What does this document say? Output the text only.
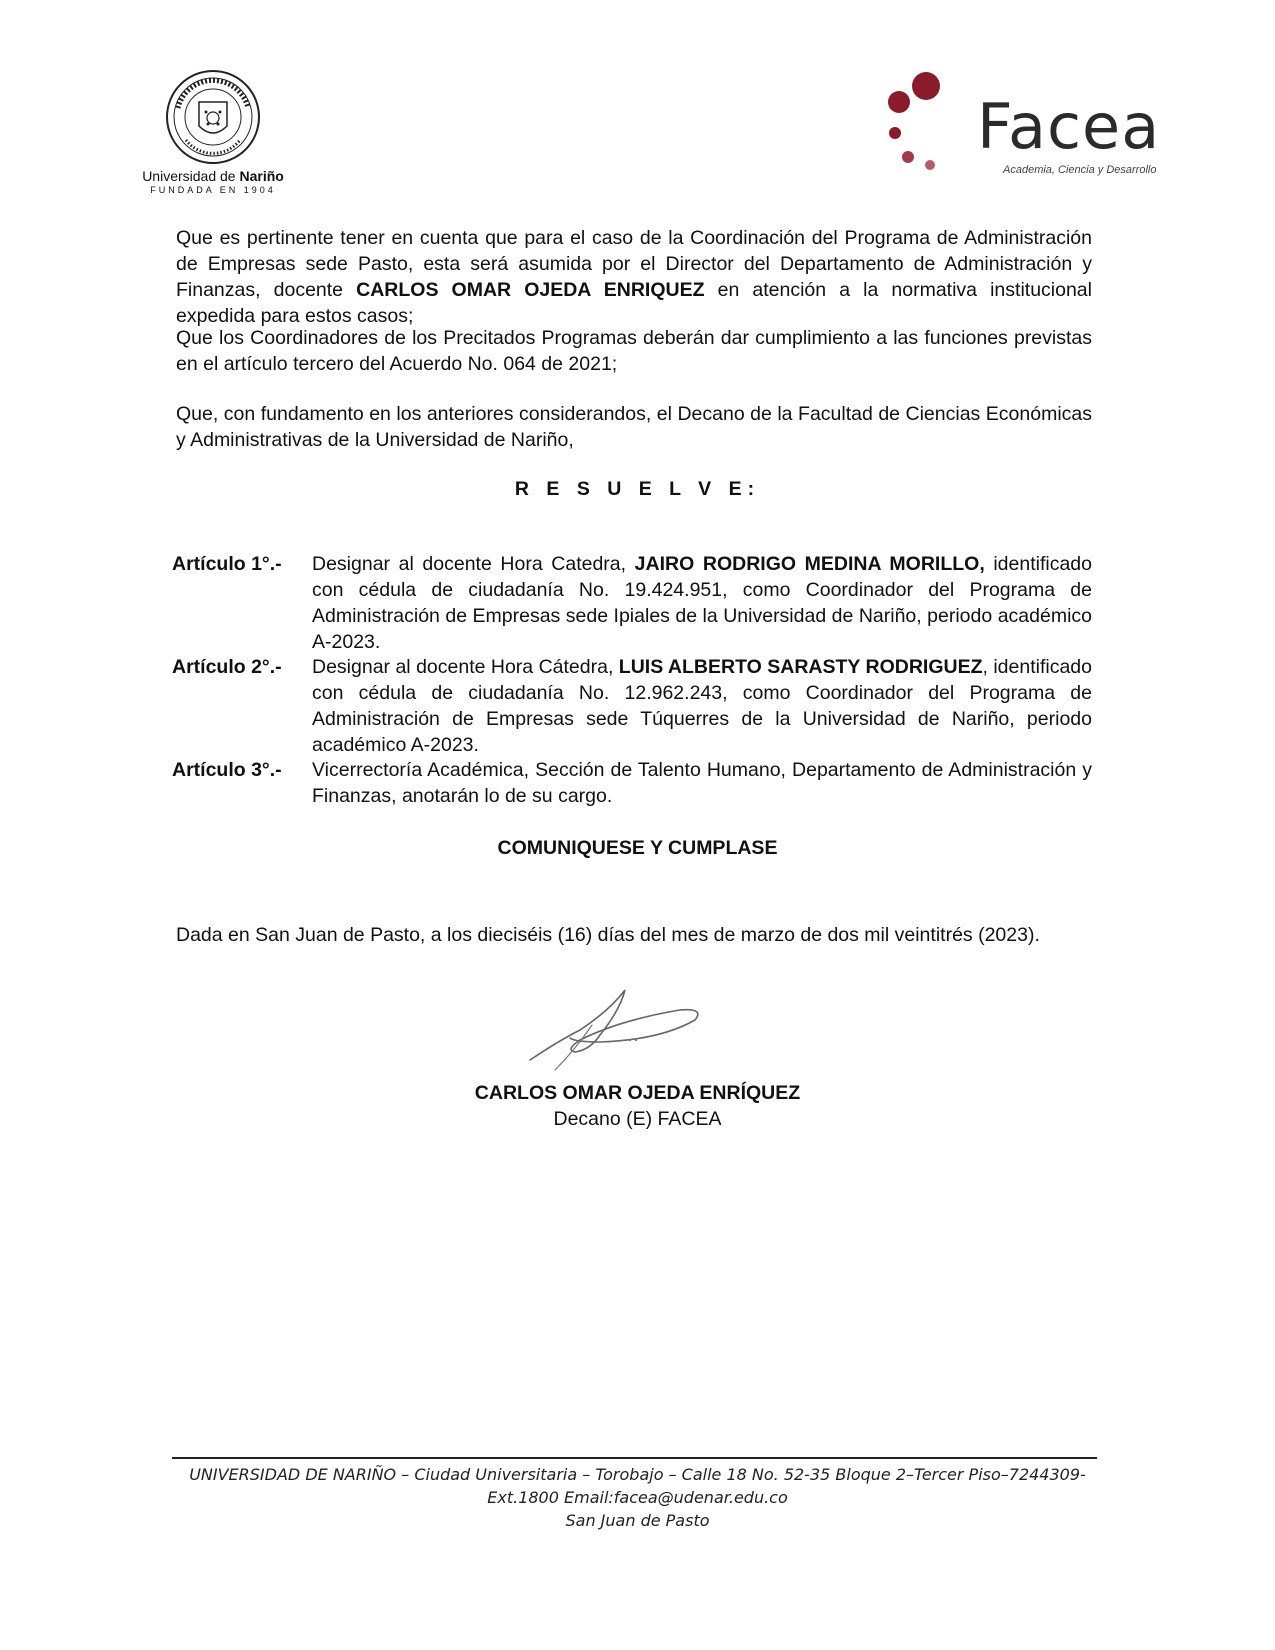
Universidad de Nariño
FUNDADA EN 1904
Facea
Academia, Ciencia y Desarrollo

Que es pertinente tener en cuenta que para el caso de la Coordinación del Programa de Administración de Empresas sede Pasto, esta será asumida por el Director del Departamento de Administración y Finanzas, docente CARLOS OMAR OJEDA ENRIQUEZ en atención a la normativa institucional expedida para estos casos;

Que los Coordinadores de los Precitados Programas deberán dar cumplimiento a las funciones previstas en el artículo tercero del Acuerdo No. 064 de 2021;

Que, con fundamento en los anteriores considerandos, el Decano de la Facultad de Ciencias Económicas y Administrativas de la Universidad de Nariño,

R E S U E L V E:
Artículo 1°.-	Designar al docente Hora Catedra, JAIRO RODRIGO MEDINA MORILLO, identificado con cédula de ciudadanía No. 19.424.951, como Coordinador del Programa de Administración de Empresas sede Ipiales de la Universidad de Nariño, periodo académico A-2023.
Artículo 2°.-	Designar al docente Hora Cátedra, LUIS ALBERTO SARASTY RODRIGUEZ, identificado con cédula de ciudadanía No. 12.962.243, como Coordinador del Programa de Administración de Empresas sede Túquerres de la Universidad de Nariño, periodo académico A-2023.
Artículo 3°.-	Vicerrectoría Académica, Sección de Talento Humano, Departamento de Administración y Finanzas, anotarán lo de su cargo.
COMUNIQUESE Y CUMPLASE
Dada en San Juan de Pasto, a los dieciséis (16) días del mes de marzo de dos mil veintitrés (2023).
CARLOS OMAR OJEDA ENRÍQUEZ
Decano (E) FACEA
UNIVERSIDAD DE NARIÑO – Ciudad Universitaria – Torobajo – Calle 18 No. 52-35 Bloque 2–Tercer Piso–7244309-
Ext.1800 Email:facea@udenar.edu.co
San Juan de Pasto
